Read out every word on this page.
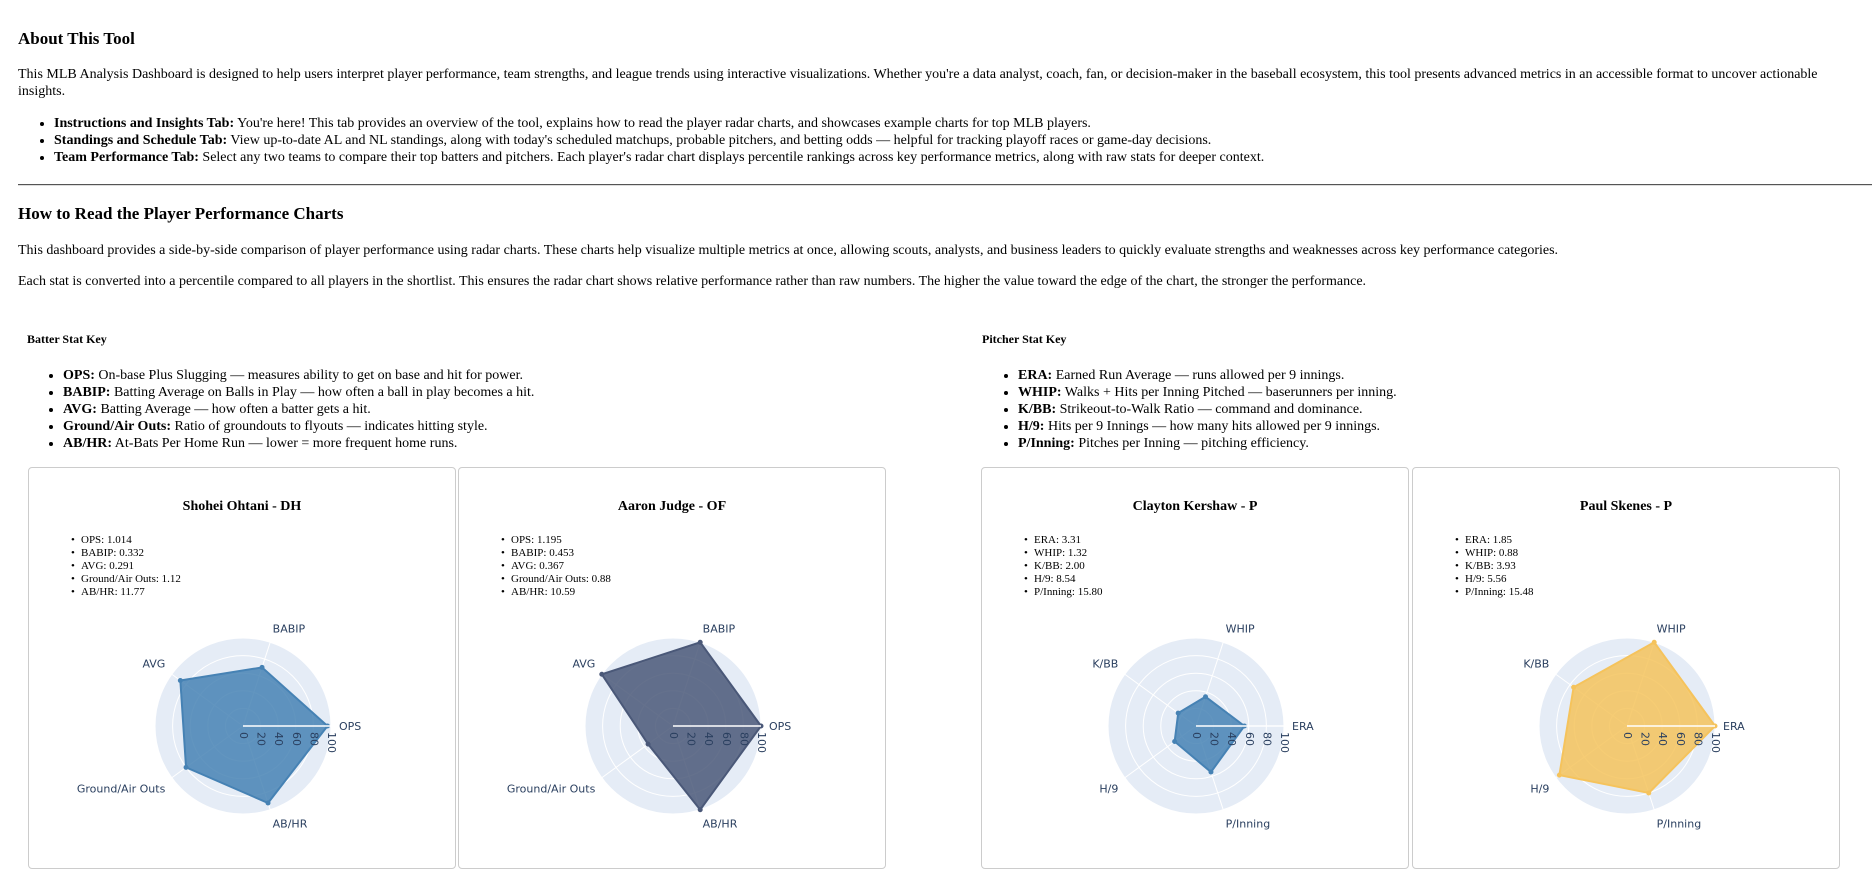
About This Tool

This MLB Analysis Dashboard is designed to help users interpret player performance, team strengths, and league trends using interactive visualizations. Whether you're a data analyst, coach, fan, or decision-maker in the baseball ecosystem, this tool presents advanced metrics in an accessible format to uncover actionable insights.

• Instructions and Insights Tab: You're here! This tab provides an overview of the tool, explains how to read the player radar charts, and showcases example charts for top MLB players.
• Standings and Schedule Tab: View up-to-date AL and NL standings, along with today's scheduled matchups, probable pitchers, and betting odds — helpful for tracking playoff races or game-day decisions.
• Team Performance Tab: Select any two teams to compare their top batters and pitchers. Each player's radar chart displays percentile rankings across key performance metrics, along with raw stats for deeper context.
How to Read the Player Performance Charts

This dashboard provides a side-by-side comparison of player performance using radar charts. These charts help visualize multiple metrics at once, allowing scouts, analysts, and business leaders to quickly evaluate strengths and weaknesses across key performance categories.

Each stat is converted into a percentile compared to all players in the shortlist. This ensures the radar chart shows relative performance rather than raw numbers. The higher the value toward the edge of the chart, the stronger the performance.

Batter Stat Key
• OPS: On-base Plus Slugging — measures ability to get on base and hit for power.
• BABIP: Batting Average on Balls in Play — how often a ball in play becomes a hit.
• AVG: Batting Average — how often a batter gets a hit.
• Ground/Air Outs: Ratio of groundouts to flyouts — indicates hitting style.
• AB/HR: At-Bats Per Home Run — lower = more frequent home runs.
Pitcher Stat Key
• ERA: Earned Run Average — runs allowed per 9 innings.
• WHIP: Walks + Hits per Inning Pitched — baserunners per inning.
• K/BB: Strikeout-to-Walk Ratio — command and dominance.
• H/9: Hits per 9 Innings — how many hits allowed per 9 innings.
• P/Inning: Pitches per Inning — pitching efficiency.
Shohei Ohtani - DH
• OPS: 1.014
• BABIP: 0.332
• AVG: 0.291
• Ground/Air Outs: 1.12
• AB/HR: 11.77
0 20 40 60 80 100
OPS
BABIP
AVG
Ground/Air Outs
AB/HR
Aaron Judge - OF
• OPS: 1.195
• BABIP: 0.453
• AVG: 0.367
• Ground/Air Outs: 0.88
• AB/HR: 10.59
0 20 40 60 80 100
OPS
BABIP
AVG
Ground/Air Outs
AB/HR
Clayton Kershaw - P
• ERA: 3.31
• WHIP: 1.32
• K/BB: 2.00
• H/9: 8.54
• P/Inning: 15.80
0 20 40 60 80 100
ERA
WHIP
K/BB
H/9
P/Inning
Paul Skenes - P
• ERA: 1.85
• WHIP: 0.88
• K/BB: 3.93
• H/9: 5.56
• P/Inning: 15.48
0 20 40 60 80 100
ERA
WHIP
K/BB
H/9
P/Inning
